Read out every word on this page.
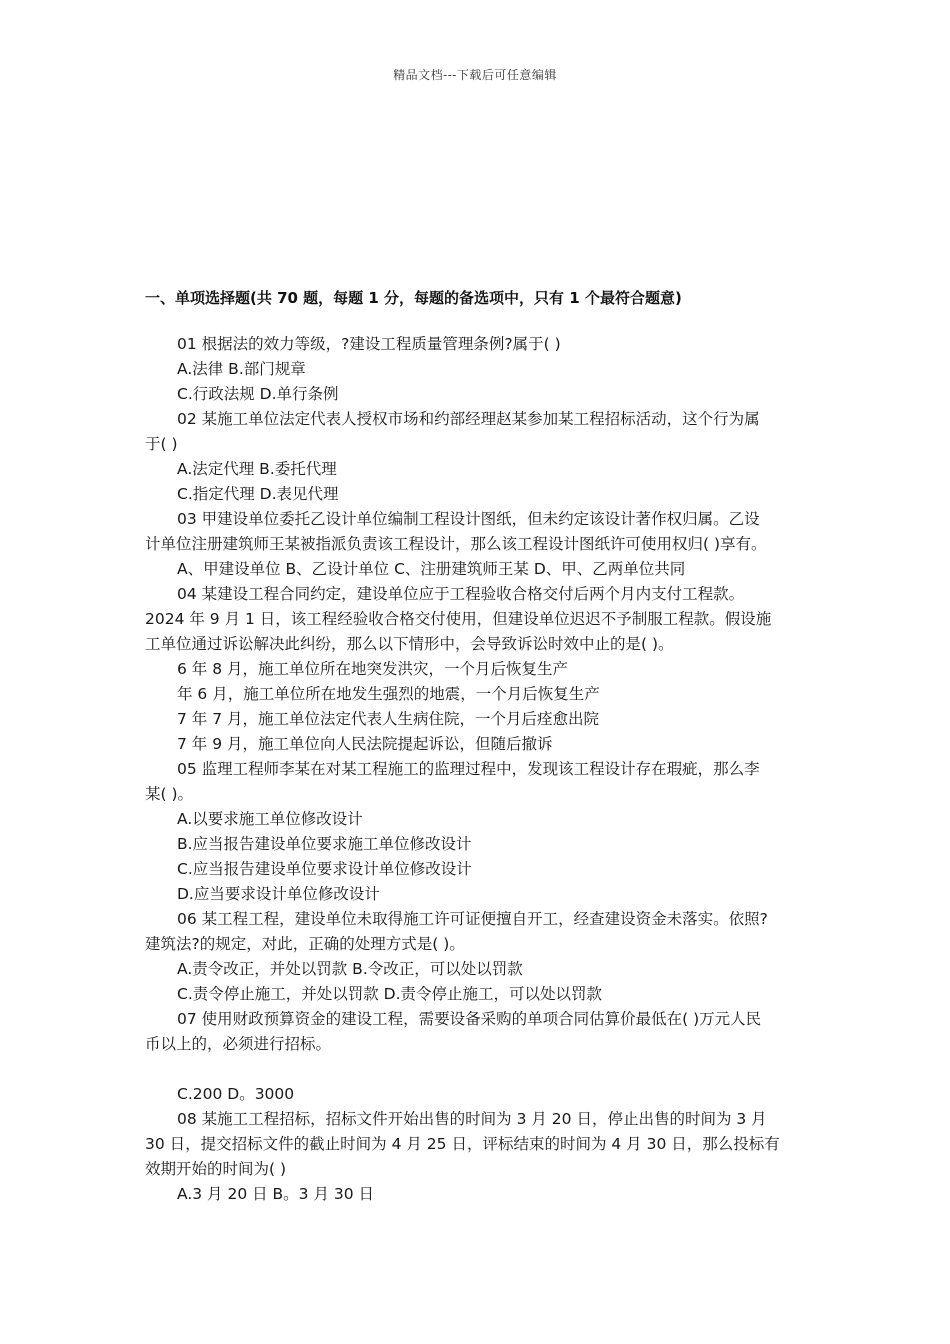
精品文档---下载后可任意编辑
一、单项选择题(共 70 题，每题 1 分，每题的备选项中，只有 1 个最符合题意)
01 根据法的效力等级，?建设工程质量管理条例?属于( )
A.法律 B.部门规章
C.行政法规 D.单行条例
02 某施工单位法定代表人授权市场和约部经理赵某参加某工程招标活动，这个行为属
于( )
A.法定代理 B.委托代理
C.指定代理 D.表见代理
03 甲建设单位委托乙设计单位编制工程设计图纸，但未约定该设计著作权归属。乙设
计单位注册建筑师王某被指派负责该工程设计，那么该工程设计图纸许可使用权归( )享有。
A、甲建设单位 B、乙设计单位 C、注册建筑师王某 D、甲、乙两单位共同
04 某建设工程合同约定，建设单位应于工程验收合格交付后两个月内支付工程款。
2024 年 9 月 1 日，该工程经验收合格交付使用，但建设单位迟迟不予制服工程款。假设施
工单位通过诉讼解决此纠纷，那么以下情形中，会导致诉讼时效中止的是( )。
6 年 8 月，施工单位所在地突发洪灾，一个月后恢复生产
年 6 月，施工单位所在地发生强烈的地震，一个月后恢复生产
7 年 7 月，施工单位法定代表人生病住院，一个月后痊愈出院
7 年 9 月，施工单位向人民法院提起诉讼，但随后撤诉
05 监理工程师李某在对某工程施工的监理过程中，发现该工程设计存在瑕疵，那么李
某( )。
A.以要求施工单位修改设计
B.应当报告建设单位要求施工单位修改设计
C.应当报告建设单位要求设计单位修改设计
D.应当要求设计单位修改设计
06 某工程工程，建设单位未取得施工许可证便擅自开工，经查建设资金未落实。依照?
建筑法?的规定，对此，正确的处理方式是( )。
A.责令改正，并处以罚款 B.令改正，可以处以罚款
C.责令停止施工，并处以罚款 D.责令停止施工，可以处以罚款
07 使用财政预算资金的建设工程，需要设备采购的单项合同估算价最低在( )万元人民
币以上的，必须进行招标。
C.200 D。3000
08 某施工工程招标，招标文件开始出售的时间为 3 月 20 日，停止出售的时间为 3 月
30 日，提交招标文件的截止时间为 4 月 25 日，评标结束的时间为 4 月 30 日，那么投标有
效期开始的时间为( )
A.3 月 20 日 B。3 月 30 日
